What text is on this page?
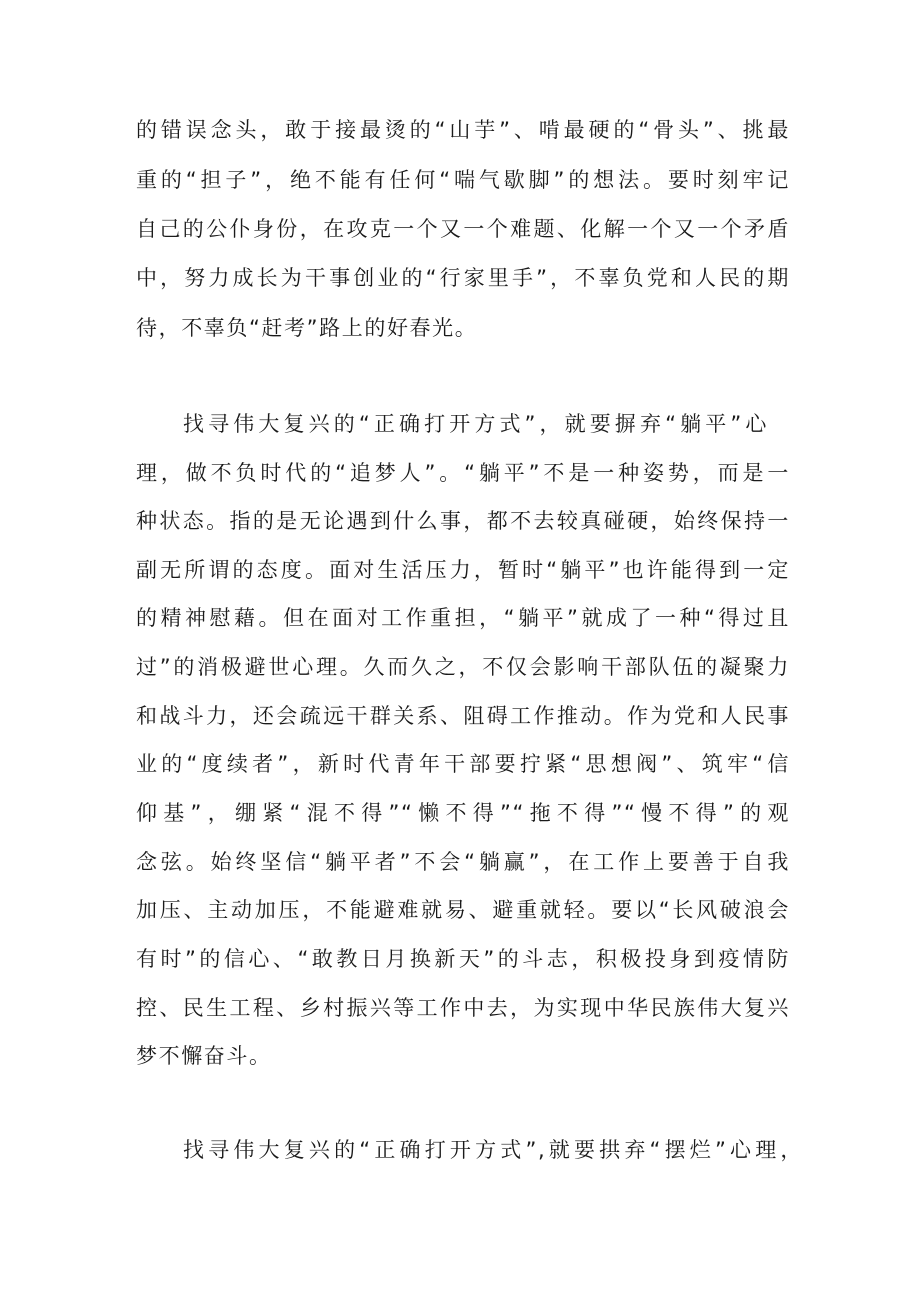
的错误念头，敢于接最烫的“山芋”、啃最硬的“骨头”、挑最
重的“担子”，绝不能有任何“喘气歇脚”的想法。要时刻牢记
自己的公仆身份，在攻克一个又一个难题、化解一个又一个矛盾
中，努力成长为干事创业的“行家里手”，不辜负党和人民的期
待，不辜负“赶考”路上的好春光。
找寻伟大复兴的“正确打开方式”，就要摒弃“躺平”心
理，做不负时代的“追梦人”。“躺平”不是一种姿势，而是一
种状态。指的是无论遇到什么事，都不去较真碰硬，始终保持一
副无所谓的态度。面对生活压力，暂时“躺平”也许能得到一定
的精神慰藉。但在面对工作重担，“躺平”就成了一种“得过且
过”的消极避世心理。久而久之，不仅会影响干部队伍的凝聚力
和战斗力，还会疏远干群关系、阻碍工作推动。作为党和人民事
业的“度续者”，新时代青年干部要拧紧“思想阀”、筑牢“信
仰基”，绷紧“混不得”“懒不得”“拖不得”“慢不得”的观
念弦。始终坚信“躺平者”不会“躺赢”，在工作上要善于自我
加压、主动加压，不能避难就易、避重就轻。要以“长风破浪会
有时”的信心、“敢教日月换新天”的斗志，积极投身到疫情防
控、民生工程、乡村振兴等工作中去，为实现中华民族伟大复兴
梦不懈奋斗。
找寻伟大复兴的“正确打开方式”,就要拱弃“摆烂”心理，
